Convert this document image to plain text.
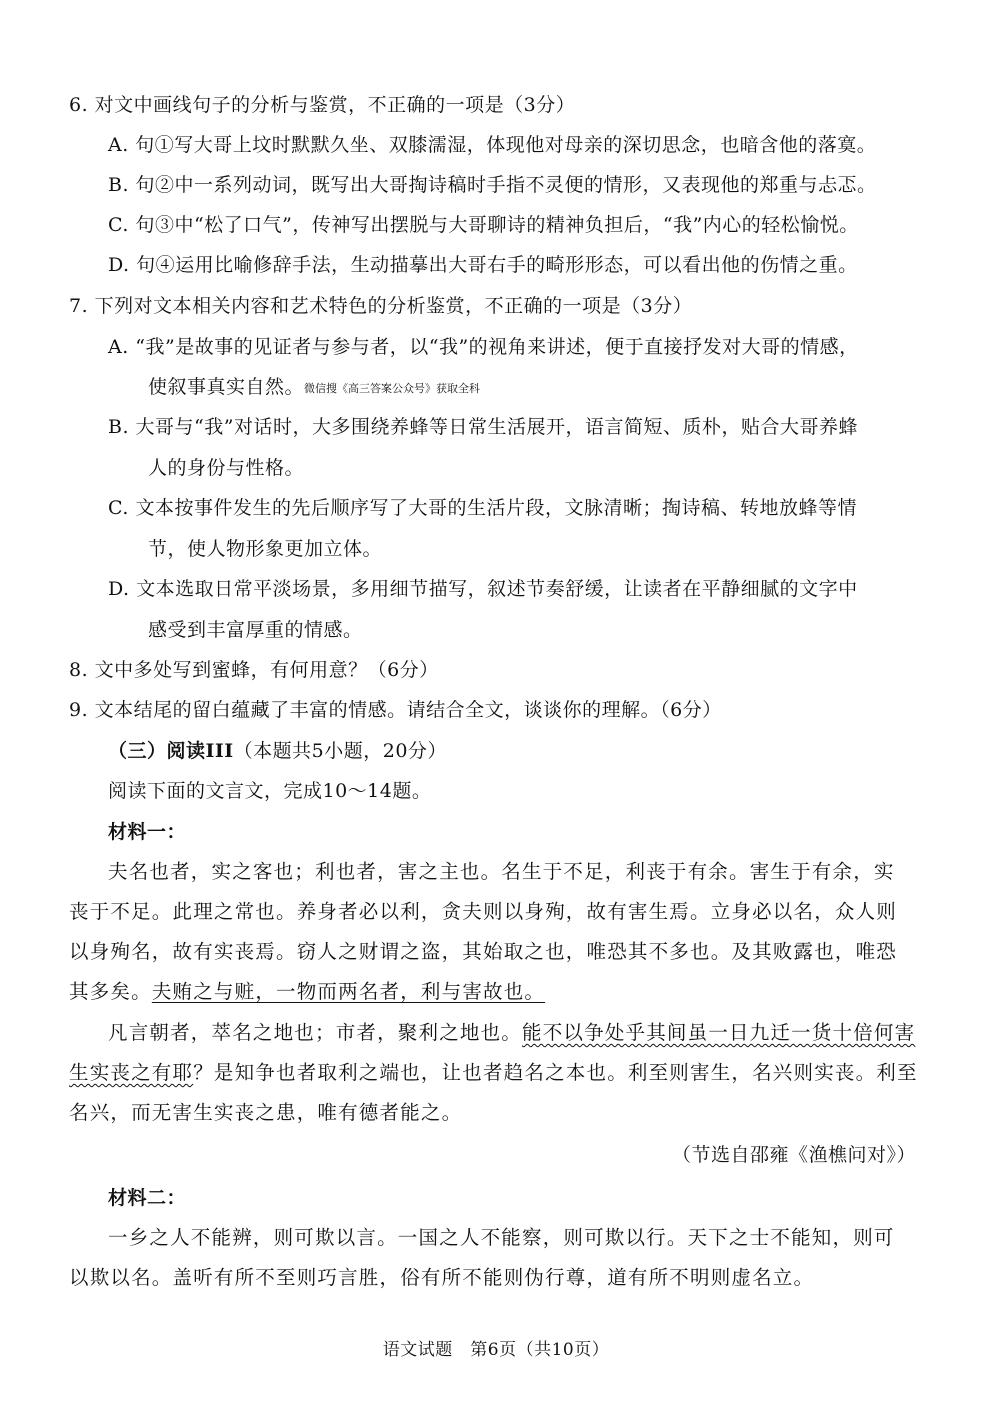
6. 对文中画线句子的分析与鉴赏，不正确的一项是（3分）
A. 句①写大哥上坟时默默久坐、双膝濡湿，体现他对母亲的深切思念，也暗含他的落寞。
B. 句②中一系列动词，既写出大哥掏诗稿时手指不灵便的情形，又表现他的郑重与忐忑。
C. 句③中“松了口气”，传神写出摆脱与大哥聊诗的精神负担后，“我”内心的轻松愉悦。
D. 句④运用比喻修辞手法，生动描摹出大哥右手的畸形形态，可以看出他的伤情之重。
7. 下列对文本相关内容和艺术特色的分析鉴赏，不正确的一项是（3分）
A. “我”是故事的见证者与参与者，以“我”的视角来讲述，便于直接抒发对大哥的情感，
使叙事真实自然。微信搜《高三答案公众号》获取全科
B. 大哥与“我”对话时，大多围绕养蜂等日常生活展开，语言简短、质朴，贴合大哥养蜂
人的身份与性格。
C. 文本按事件发生的先后顺序写了大哥的生活片段，文脉清晰；掏诗稿、转地放蜂等情
节，使人物形象更加立体。
D. 文本选取日常平淡场景，多用细节描写，叙述节奏舒缓，让读者在平静细腻的文字中
感受到丰富厚重的情感。
8. 文中多处写到蜜蜂，有何用意？（6分）
9. 文本结尾的留白蕴藏了丰富的情感。请结合全文，谈谈你的理解。（6分）
（三）阅读III（本题共5小题，20分）
阅读下面的文言文，完成10～14题。
材料一：
夫名也者，实之客也；利也者，害之主也。名生于不足，利丧于有余。害生于有余，实
丧于不足。此理之常也。养身者必以利，贪夫则以身殉，故有害生焉。立身必以名，众人则
以身殉名，故有实丧焉。窃人之财谓之盗，其始取之也，唯恐其不多也。及其败露也，唯恐
其多矣。夫贿之与赃，一物而两名者，利与害故也。
凡言朝者，萃名之地也；市者，聚利之地也。能不以争处乎其间虽一日九迁一货十倍何害
生实丧之有耶？是知争也者取利之端也，让也者趋名之本也。利至则害生，名兴则实丧。利至
名兴，而无害生实丧之患，唯有德者能之。
（节选自邵雍《渔樵问对》）
材料二：
一乡之人不能辨，则可欺以言。一国之人不能察，则可欺以行。天下之士不能知，则可
以欺以名。盖听有所不至则巧言胜，俗有所不能则伪行尊，道有所不明则虚名立。
语文试题　第6页（共10页）
